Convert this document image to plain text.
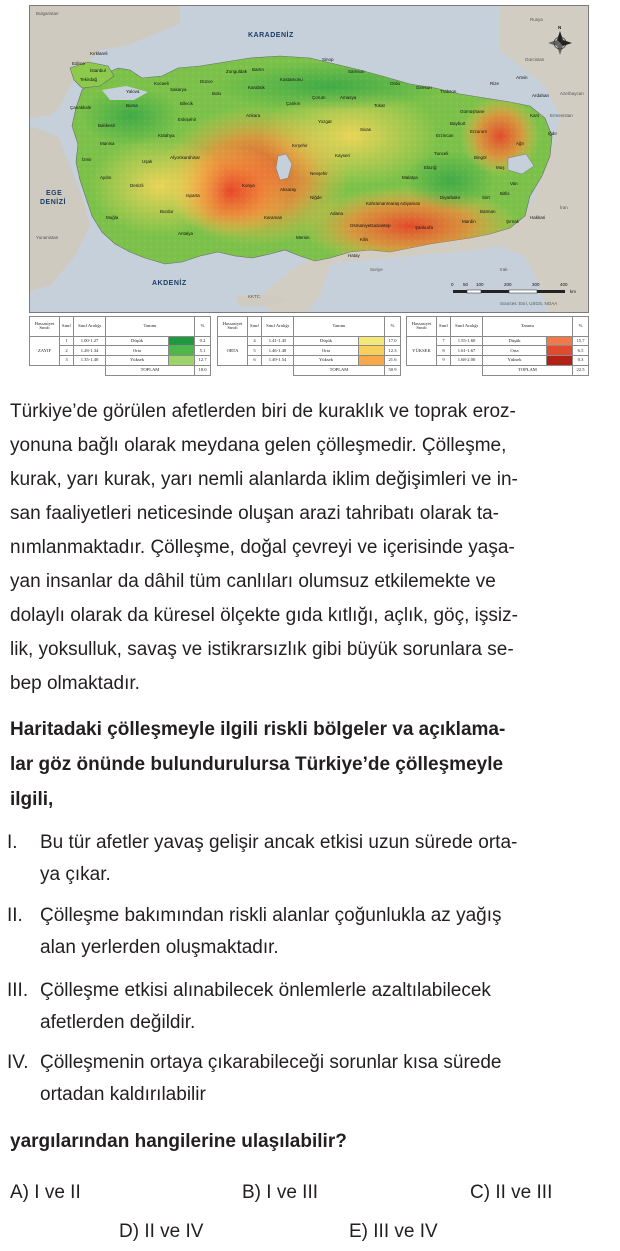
KARADENİZ
AKDENİZ
EGE
DENİZİ
Bulgaristan
Yunanistan
Gürcistan
Ermenistan
Azerbaycan
İran
Irak
Suriye
KKTC
Rusya
İstanbul
Edirne
Bursa
İzmir
Manisa
Aydın
Denizli
Antalya
Konya
Ankara
Kayseri
Sivas
Samsun
Trabzon
Erzurum
Van
Diyarbakır
Şanlıurfa
Gaziantep
Adana
Mersin
Malatya
Elazığ
Kars
Ağrı
Hakkari
Sinop
Kastamonu
Zonguldak
Eskişehir
Afyonkarahisar
Isparta
Muğla
Niğde
Aksaray
Yozgat
Çorum
Tokat
Erzincan
Bingöl
Muş
Bitlis
Siirt
Mardin
Batman
Hatay
Kahramanmaraş Adıyaman
Tunceli
Rize
Artvin
Ordu
Giresun
Kırşehir
Nevşehir
Karaman
Burdur
Uşak
Kütahya
Bilecik
Bolu
Karabük
Bartın
Çankırı
Amasya
Gümüşhane
Bayburt
Iğdır
Ardahan
Şırnak
Kilis
Osmaniye
Düzce
Yalova	Sakarya
Kocaeli
Tekirdağ
Kırklareli
Çanakkale
Balıkesir
0 50 100	200	300	400
km
Sources: Esri, USGS, NOAA
N
Hassasiyet Sınıfı	Sınıf	Sınıf Aralığı	Tanımı		%
ZAYIF	1	1.00-1.27	Düşük		0.2
	2	1.28-1.34	Orta		5.1
	3	1.35-1.40	Yüksek		12.7
			TOPLAM		18.0
Hassasiyet Sınıfı	Sınıf	Sınıf Aralığı	Tanımı		%
ORTA	4	1.41-1.45	Düşük		17.0
	5	1.46-1.48	Orta		12.3
	6	1.49-1.54	Yüksek		21.6
			TOPLAM		50.9
Hassasiyet Sınıfı	Sınıf	Sınıf Aralığı	Tanımı		%
YÜKSEK	7	1.55-1.60	Düşük		15.7
	8	1.61-1.67	Orta		6.5
	9	1.68-2.00	Yüksek		0.3
			TOPLAM		22.5
Türkiye’de görülen afetlerden biri de kuraklık ve toprak eroz-
yonuna bağlı olarak meydana gelen çölleşmedir. Çölleşme,
kurak, yarı kurak, yarı nemli alanlarda iklim değişimleri ve in-
san faaliyetleri neticesinde oluşan arazi tahribatı olarak ta-
nımlanmaktadır. Çölleşme, doğal çevreyi ve içerisinde yaşa-
yan insanlar da dâhil tüm canlıları olumsuz etkilemekte ve
dolaylı olarak da küresel ölçekte gıda kıtlığı, açlık, göç, işsiz-
lik, yoksulluk, savaş ve istikrarsızlık gibi büyük sorunlara se-
bep olmaktadır.
Haritadaki çölleşmeyle ilgili riskli bölgeler va açıklama-
lar göz önünde bulundurulursa Türkiye’de çölleşmeyle
ilgili,
I. Bu tür afetler yavaş gelişir ancak etkisi uzun sürede orta-
ya çıkar.
II. Çölleşme bakımından riskli alanlar çoğunlukla az yağış
alan yerlerden oluşmaktadır.
III. Çölleşme etkisi alınabilecek önlemlerle azaltılabilecek
afetlerden değildir.
IV. Çölleşmenin ortaya çıkarabileceği sorunlar kısa sürede
ortadan kaldırılabilir
yargılarından hangilerine ulaşılabilir?
A) I ve II	B) I ve III	C) II ve III
D) II ve IV	E) III ve IV
